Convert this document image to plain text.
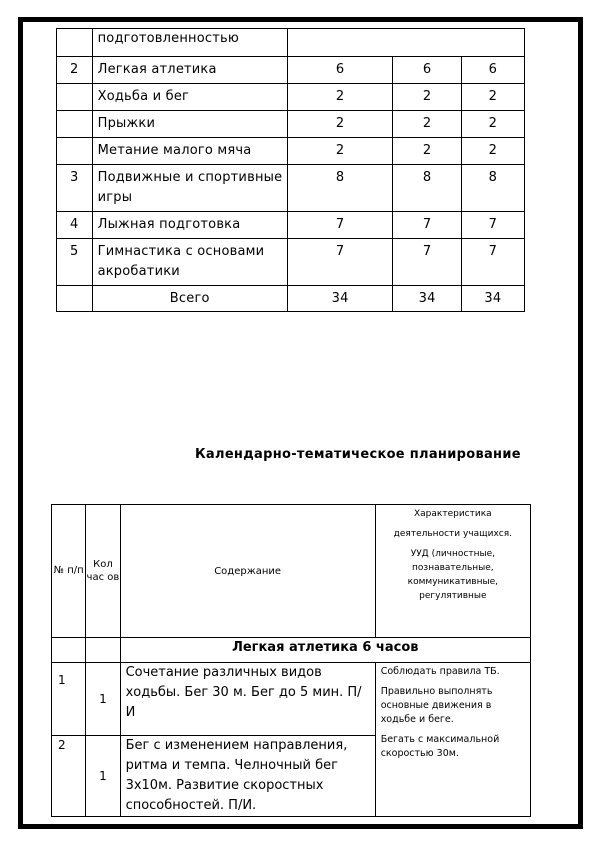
	подготовленностью			

2	Легкая атлетика	6	6	6

	Ходьба и бег	2	2	2

	Прыжки	2	2	2

	Метание малого мяча	2	2	2

3	Подвижные и спортивные игры	8	8	8

4	Лыжная подготовка	7	7	7

5	Гимнастика с основами акробатики	7	7	7

	Всего	34	34	34
Календарно-тематическое планирование
№ п/п	Кол час ов	Содержание	Характеристика

деятельности учащихся.

УУД (личностные, познавательные, коммуникативные, регулятивные

		Легкая атлетика 6 часов	
1	1	Сочетание различных видов ходьбы. Бег 30 м. Бег до 5 мин. П/И	Соблюдать правила ТБ.

Правильно выполнять основные движения в ходьбе и беге.

Бегать с максимальной скоростью 30м.

2	1	Бег с изменением направления, ритма и темпа. Челночный бег 3х10м. Развитие скоростных способностей. П/И.	
